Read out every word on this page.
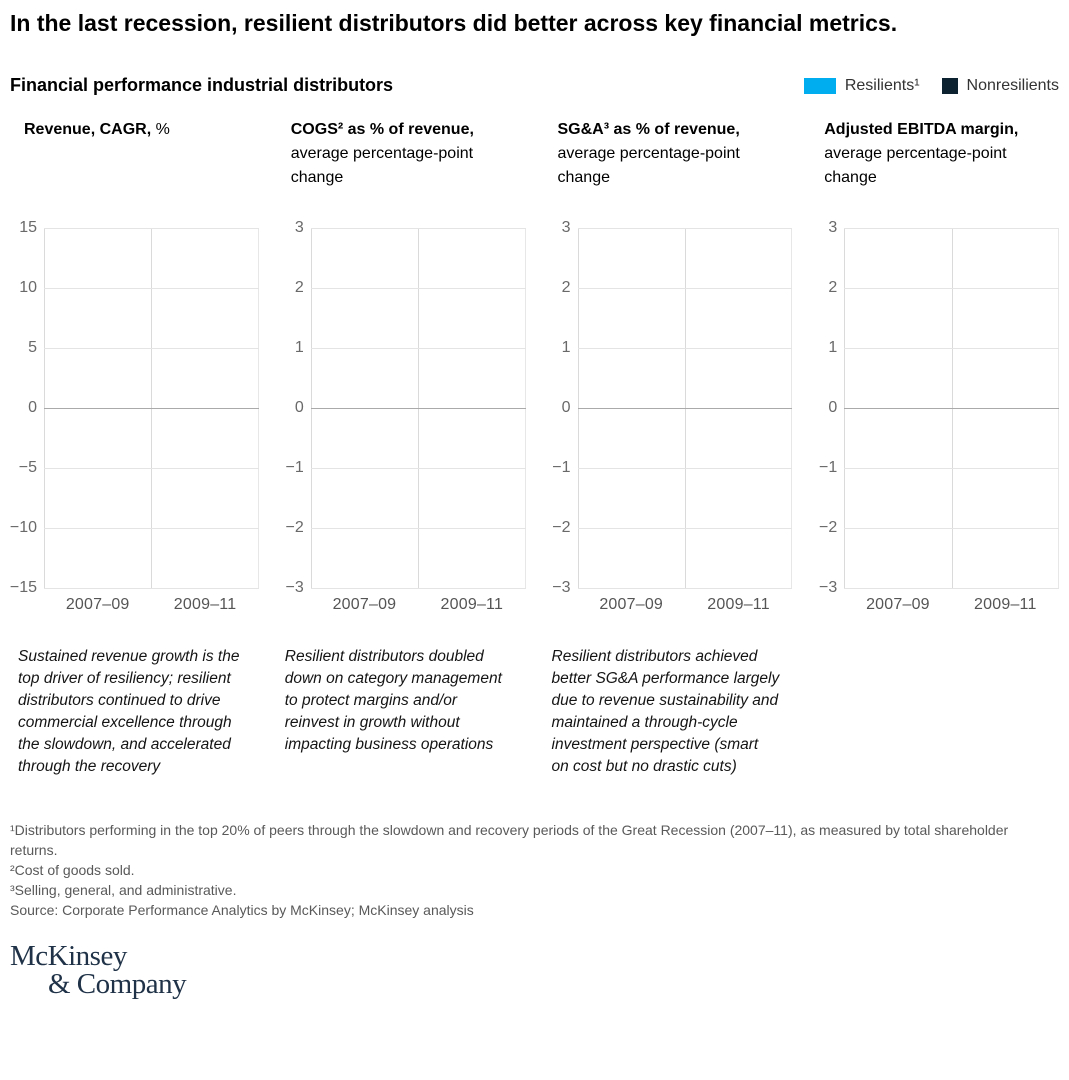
In the last recession, resilient distributors did better across key financial metrics.
Financial performance industrial distributors	Resilients¹	Nonresilients
Revenue, CAGR, %
15
10
5
0
−5
−10
−15
2007–09	2009–11
Sustained revenue growth is the top driver of resiliency; resilient distributors continued to drive commercial excellence through the slowdown, and accelerated through the recovery
COGS² as % of revenue, average percentage-point change
3
2
1
0
−1
−2
−3
2007–09	2009–11
Resilient distributors doubled down on category management to protect margins and/or reinvest in growth without impacting business operations
SG&A³ as % of revenue, average percentage-point change
3
2
1
0
−1
−2
−3
2007–09	2009–11
Resilient distributors achieved better SG&A performance largely due to revenue sustainability and maintained a through-cycle investment perspective (smart on cost but no drastic cuts)
Adjusted EBITDA margin, average percentage-point change
3
2
1
0
−1
−2
−3
2007–09	2009–11
¹Distributors performing in the top 20% of peers through the slowdown and recovery periods of the Great Recession (2007–11), as measured by total shareholder returns.
²Cost of goods sold.
³Selling, general, and administrative.
Source: Corporate Performance Analytics by McKinsey; McKinsey analysis
McKinsey
& Company
